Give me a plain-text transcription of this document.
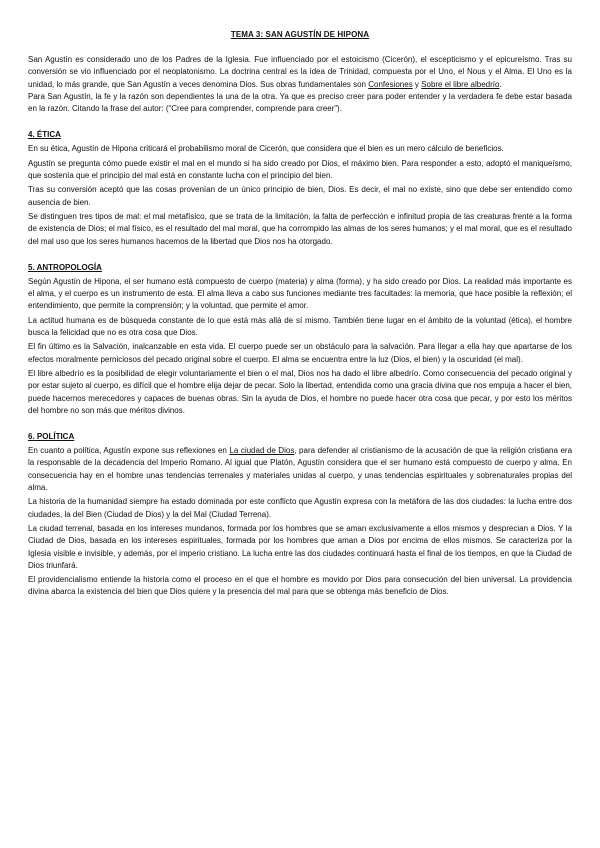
TEMA 3: SAN AGUSTÍN DE HIPONA

San Agustín es considerado uno de los Padres de la Iglesia. Fue influenciado por el estoicismo (Cicerón), el escepticismo y el epicureísmo. Tras su conversión se vio influenciado por el neoplatonismo. La doctrina central es la idea de Trinidad, compuesta por el Uno, el Nous y el Alma. El Uno es la unidad, lo más grande, que San Agustín a veces denomina Dios. Sus obras fundamentales son Confesiones y Sobre el libre albedrío.

Para San Agustín, la fe y la razón son dependientes la una de la otra. Ya que es preciso creer para poder entender y la verdadera fe debe estar basada en la razón. Citando la frase del autor: (“Cree para comprender, comprende para creer”).

4. ÉTICA

En su ética, Agustín de Hipona criticará el probabilismo moral de Cicerón, que considera que el bien es un mero cálculo de beneficios.

Agustín se pregunta cómo puede existir el mal en el mundo si ha sido creado por Dios, el máximo bien. Para responder a esto, adoptó el maniqueísmo, que sostenía que el principio del mal está en constante lucha con el principio del bien.

Tras su conversión aceptó que las cosas provenían de un único principio de bien, Dios. Es decir, el mal no existe, sino que debe ser entendido como ausencia de bien.

Se distinguen tres tipos de mal: el mal metafísico, que se trata de la limitación, la falta de perfección e infinitud propia de las creaturas frente a la forma de existencia de Dios; el mal físico, es el resultado del mal moral, que ha corrompido las almas de los seres humanos; y el mal moral, que es el resultado del mal uso que los seres humanos hacemos de la libertad que Dios nos ha otorgado.

5. ANTROPOLOGÍA

Según Agustín de Hipona, el ser humano está compuesto de cuerpo (materia) y alma (forma), y ha sido creado por Dios. La realidad más importante es el alma, y el cuerpo es un instrumento de esta. El alma lleva a cabo sus funciones mediante tres facultades: la memoria, que hace posible la reflexión; el entendimiento, que permite la comprensión; y la voluntad, que permite el amor.

La actitud humana es de búsqueda constante de lo que está más allá de sí mismo. También tiene lugar en el ámbito de la voluntad (ética), el hombre busca la felicidad que no es otra cosa que Dios.

El fin último es la Salvación, inalcanzable en esta vida. El cuerpo puede ser un obstáculo para la salvación. Para llegar a ella hay que apartarse de los efectos moralmente perniciosos del pecado original sobre el cuerpo. El alma se encuentra entre la luz (Dios, el bien) y la oscuridad (el mal).

El libre albedrío es la posibilidad de elegir voluntariamente el bien o el mal, Dios nos ha dado el libre albedrío. Como consecuencia del pecado original y por estar sujeto al cuerpo, es difícil que el hombre elija dejar de pecar. Solo la libertad, entendida como una gracia divina que nos empuja a hacer el bien, puede hacernos merecedores y capaces de buenas obras. Sin la ayuda de Dios, el hombre no puede hacer otra cosa que pecar, y por esto los méritos del hombre no son más que méritos divinos.

6. POLÍTICA

En cuanto a política, Agustín expone sus reflexiones en La ciudad de Dios, para defender al cristianismo de la acusación de que la religión cristiana era la responsable de la decadencia del Imperio Romano. Al igual que Platón, Agustín considera que el ser humano está compuesto de cuerpo y alma. En consecuencia hay en el hombre unas tendencias terrenales y materiales unidas al cuerpo, y unas tendencias espirituales y sobrenaturales propias del alma.

La historia de la humanidad siempre ha estado dominada por este conflicto que Agustín expresa con la metáfora de las dos ciudades: la lucha entre dos ciudades, la del Bien (Ciudad de Dios) y la del Mal (Ciudad Terrena).

La ciudad terrenal, basada en los intereses mundanos, formada por los hombres que se aman exclusivamente a ellos mismos y desprecian a Dios. Y la Ciudad de Dios, basada en los intereses espirituales, formada por los hombres que aman a Dios por encima de ellos mismos. Se caracteriza por la Iglesia visible e invisible, y además, por el imperio cristiano. La lucha entre las dos ciudades continuará hasta el final de los tiempos, en que la Ciudad de Dios triunfará.

El providencialismo entiende la historia como el proceso en el que el hombre es movido por Dios para consecución del bien universal. La providencia divina abarca la existencia del bien que Dios quiere y la presencia del mal para que se obtenga más beneficio de Dios.
